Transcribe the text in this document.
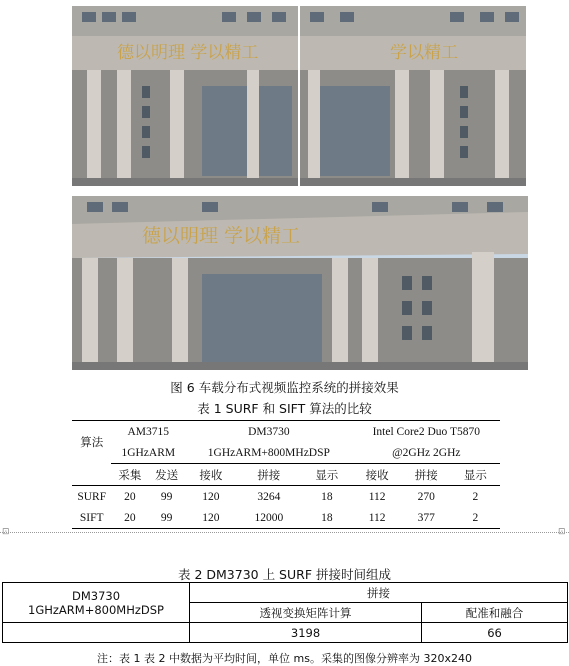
德以明理 学以精工	学以精工
德以明理 学以精工
图 6 车载分布式视频监控系统的拼接效果
表 1 SURF 和 SIFT 算法的比较
算法	AM3715		DM3730			Intel Core2 Duo T5870		
	1GHzARM		1GHzARM+800MHzDSP			@2GHz 2GHz		
	采集	发送	接收	拼接	显示	接收	拼接	显示
SURF	20	99	120	3264	18	112	270	2
SIFT	20	99	120	12000	18	112	377	2
⊡	⊡
表 2 DM3730 上 SURF 拼接时间组成
DM3730
1GHzARM+800MHzDSP	拼接	
	透视变换矩阵计算	配准和融合
	3198	66
注：表 1 表 2 中数据为平均时间，单位 ms。采集的图像分辨率为 320x240
